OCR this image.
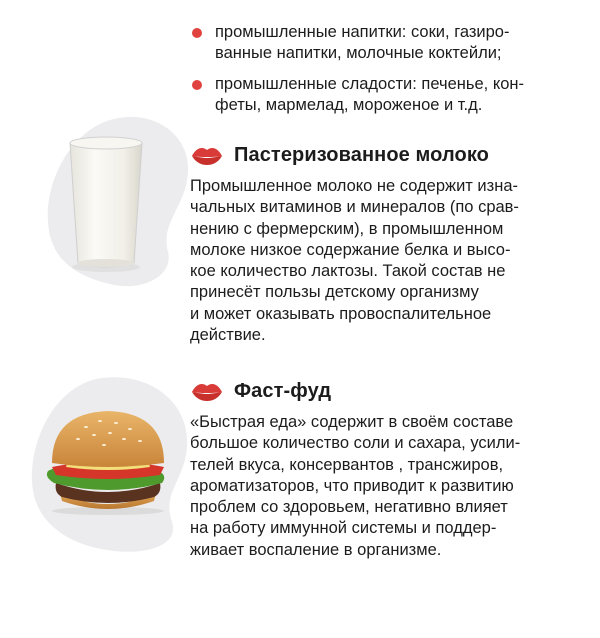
промышленные напитки: соки, газиро-
ванные напитки, молочные коктейли;
промышленные сладости: печенье, кон-
феты, мармелад, мороженое и т.д.
Пастеризованное молоко
Промышленное молоко не содержит изна-
чальных витаминов и минералов (по срав-
нению с фермерским), в промышленном
молоке низкое содержание белка и высо-
кое количество лактозы. Такой состав не
принесёт пользы детскому организму
и может оказывать провоспалительное
действие.
Фаст-фуд
«Быстрая еда» содержит в своём составе
большое количество соли и сахара, усили-
телей вкуса, консервантов , трансжиров,
ароматизаторов, что приводит к развитию
проблем со здоровьем, негативно влияет
на работу иммунной системы и поддер-
живает воспаление в организме.
